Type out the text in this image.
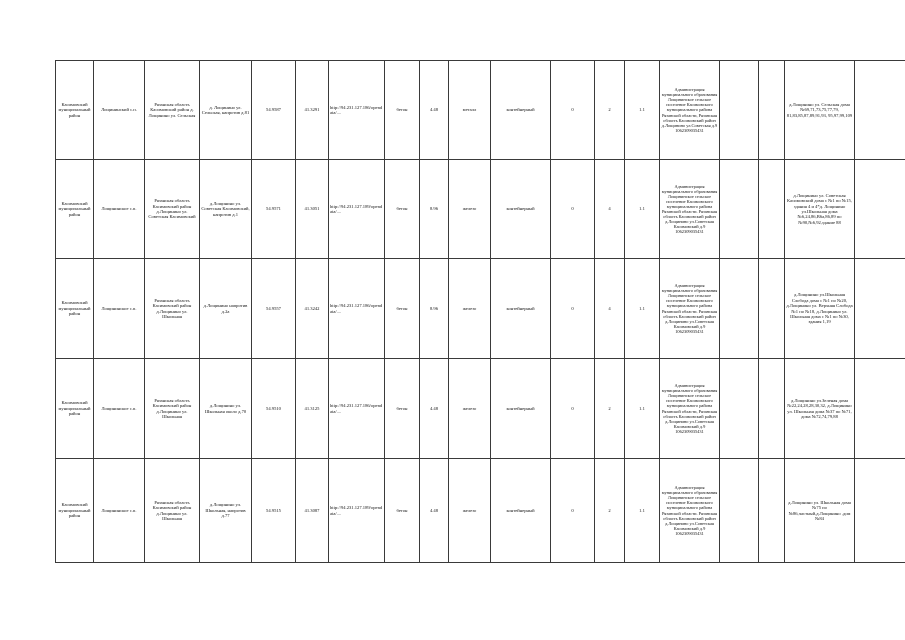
Касимовский муниципальный район	Лощининский с.п.	Рязанская область Касимовский район д. Лощинино ул. Сельская	д. Лощинино ул. Сельская, напротив д.81	54.9587	41.3291	http://94.231.127.186/opendata/....	бетон	4.48	металл	контейнерный	0	2	1.1	Администрация муниципального образования Лощининское сельское поселение Касимовского муниципального района Рязанской области, Рязанская область Касимовский район д.Лощинино ул.Советская д.9 1062309035431			д.Лощинино ул. Сельская дома №69,71,73,75,77,79, 81,83,85,87,89,91,93, 95,97,99,109	
Касимовский муниципальный район	Лощининское с.п.	Рязанская область Касимовский район д.Лощинино ул. Советская Касимовский	д.Лощинино ул. Советская Касимовский, напротив д.1	54.9571	41.3051	http://94.231.127.189/opendata/....	бетон	8.96	железо	контейнерный	0	4	1.1	Администрация муниципального образования Лощининское сельское поселение Касимовского муниципального района Рязанской области. Рязанская область Касимовский район д.Лощинино ул.Советская Касимовский д.9 1062309035431			д.Лощинино ул. Советская Касимовский дома с №1 по №15, здания 4 и 4*д. Лощинино ул.Школьная дома №6,24,86,В6a,86,89 по №90,№6,92,здание 88	
Касимовский муниципальный район	Лощининское с.п.	Рязанская область Касимовский район д.Лощинино ул. Школьная	д.Лощинино напротив д.2а	54.9557	41.3242	http://94.231.127.186/opendata/....	бетон	8.96	железо	контейнерный	0	4	1.1	Администрация муниципального образования Лощининское сельское поселение Касимовского муниципального района Рязанской области. Рязанская область Касимовский район д.Лощинино ул.Советская Касимовский д.9 1062309035431			д.Лощинино ул.Школьная Слобода дома с №1 по №20, д.Лощинино ул. Верхняя Слобода №1 по №18, д.Лощинино ул. Школьная дома с №1 по №30, здания 1,19	
Касимовский муниципальный район	Лощининское с.п.	Рязанская область Касимовский район д.Лощинино ул. Школьная	д.Лощинино ул. Школьная около д.70	54.9510	41.3125	http://94.231.127.186/opendata/....	бетон	4.48	железо	контейнерный	0	2	1.1	Администрация муниципального образования Лощининское сельское поселение Касимовского муниципального района Рязанской области, Рязанская область Касимовский район д.Лощинино ул.Советская Касимовский д.9 1062309035431			д.Лощинино ул.Зеленая дома №22,24,28,28,30,32, д.Лощинино ул. Школьная дома №37 по №71, дома №72,74,79,88	
Касимовский муниципальный район	Лощининское с.п.	Рязанская область Касимовский район д.Лощинино ул. Школьная	д.Лощинино ул. Школьная, напротив д.77	54.9515	41.3087	http://94.231.127.189/opendata/....	бетон	4.48	железо	контейнерный	0	2	1.1	Администрация муниципального образования Лощининское сельское поселение Касимовского муниципального района Рязанской области. Рязанская область Касимовский район д.Лощинино ул.Советская Касимовский д.9 1062309035431			д.Лощинино ул. Школьная дома №75 по №86,частный,д.Лощинино ,дом №84	
